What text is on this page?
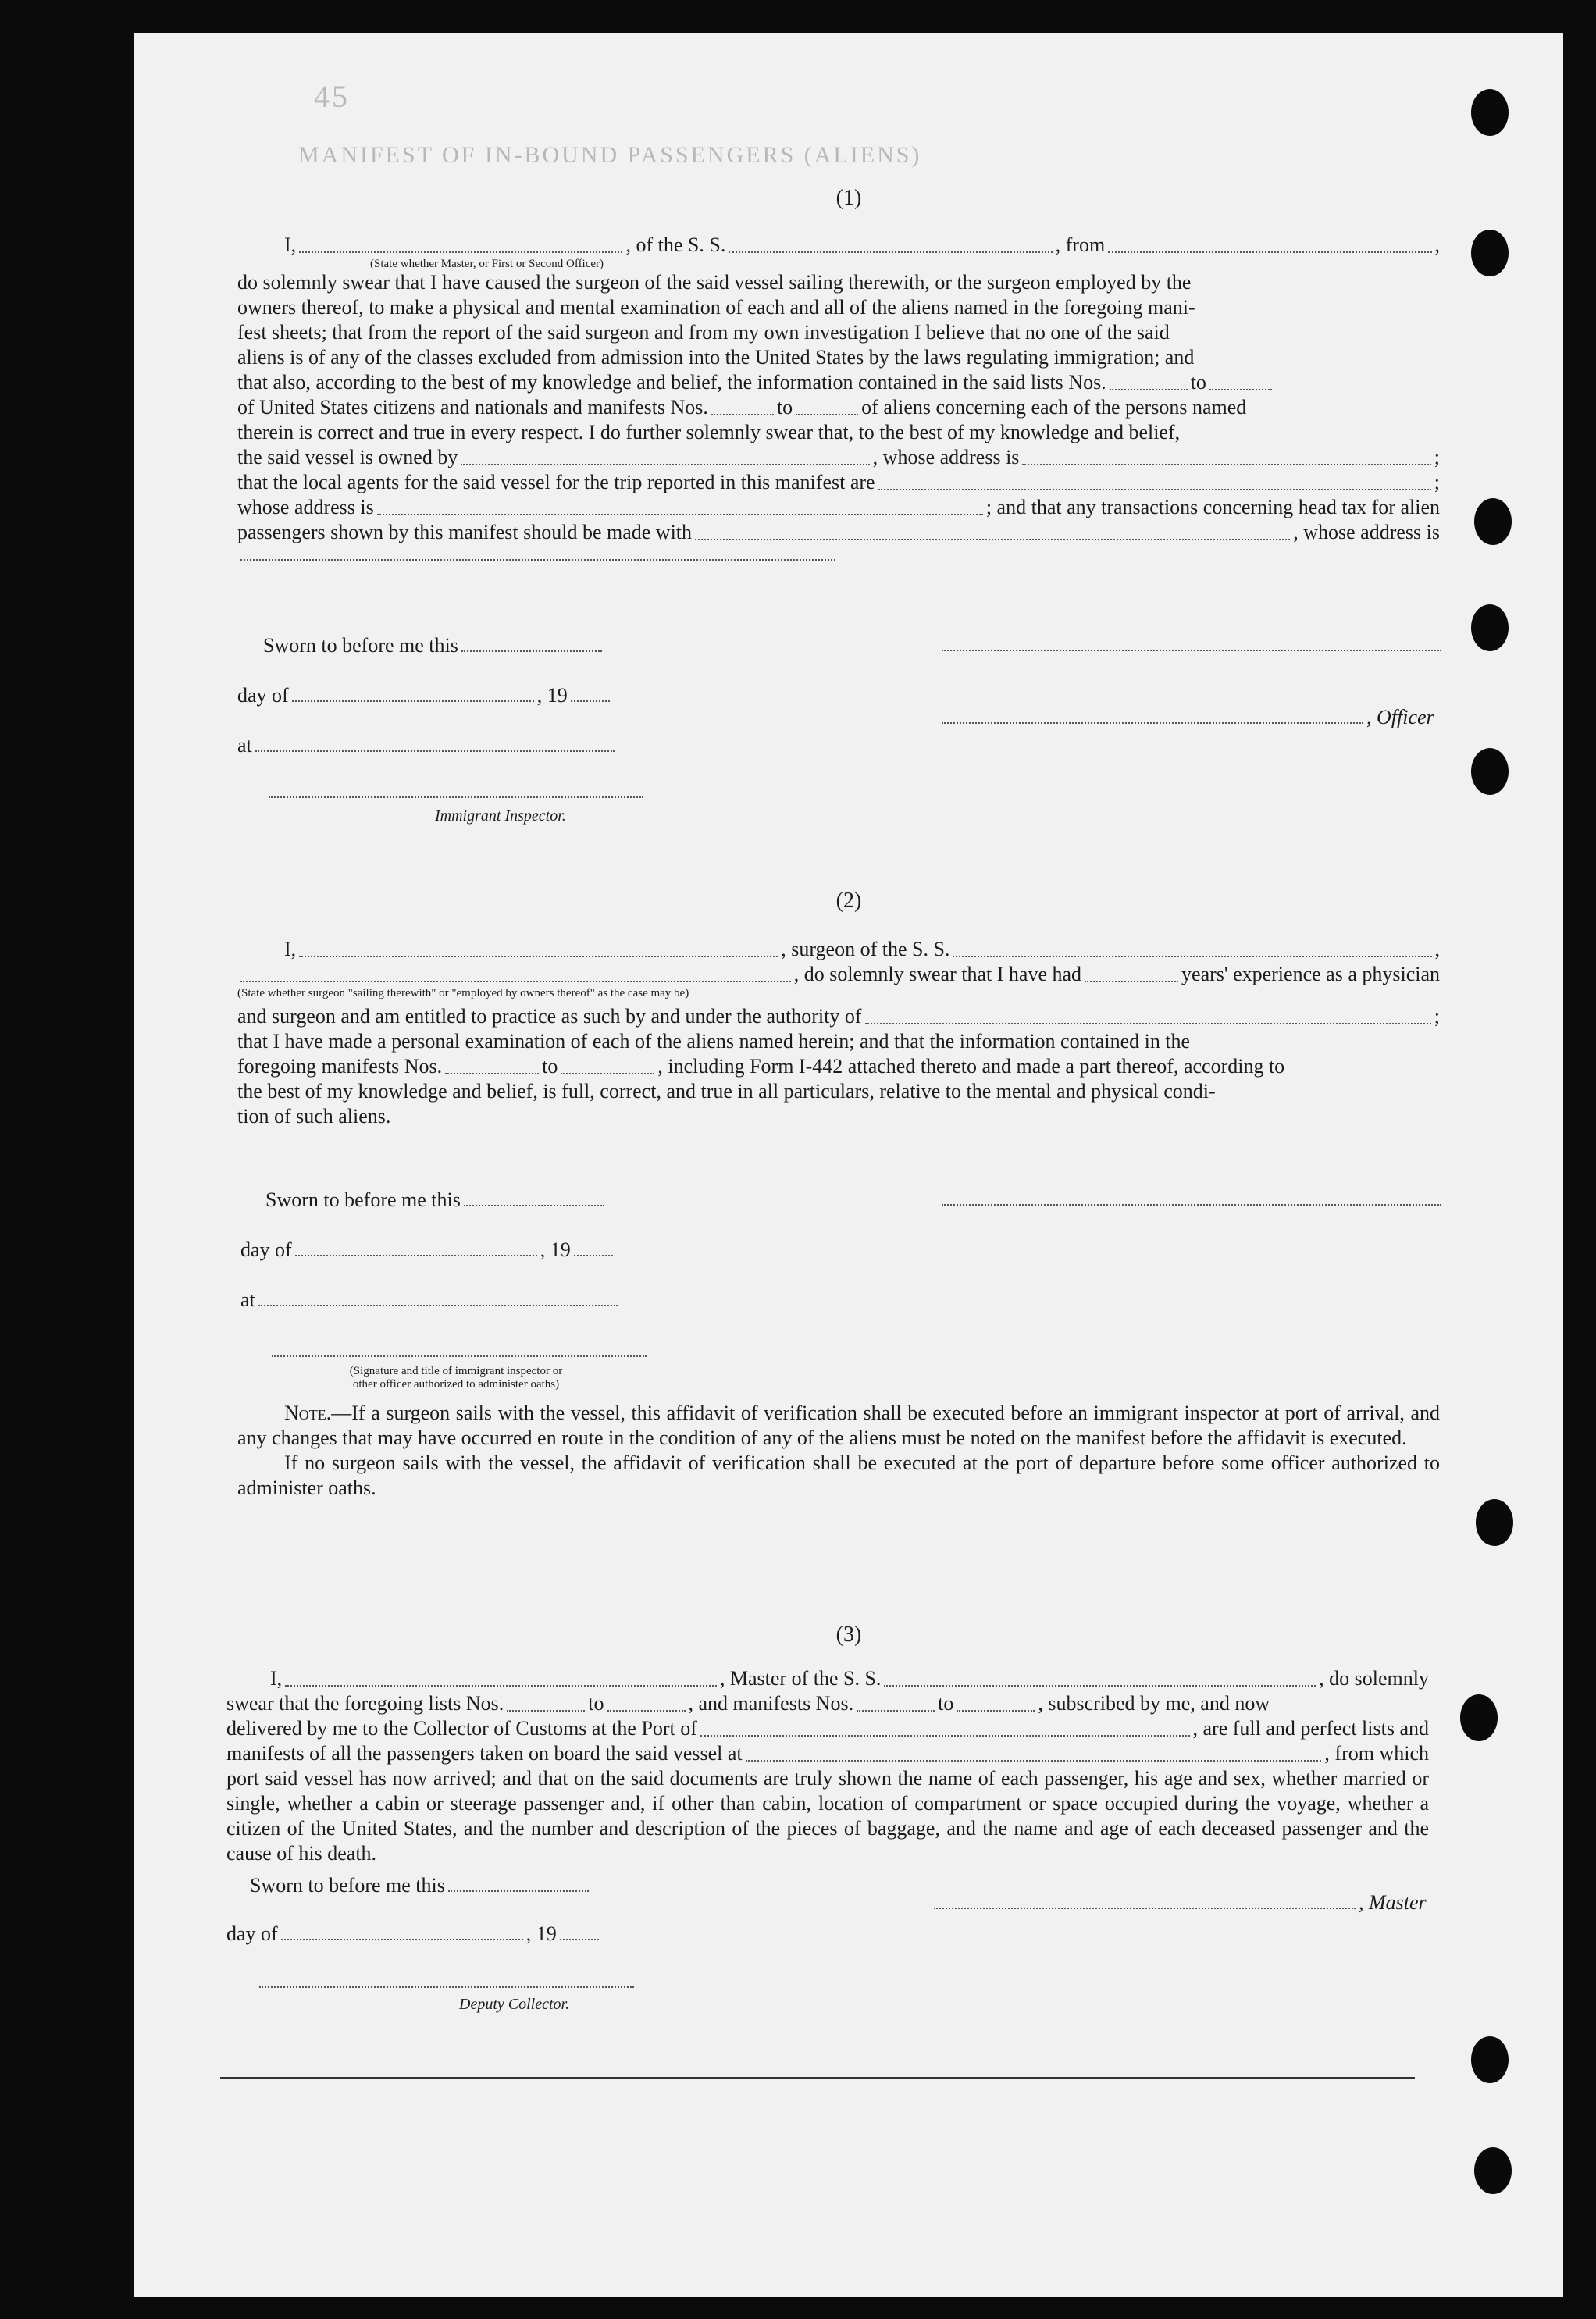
45
MANIFEST OF IN-BOUND PASSENGERS (ALIENS)
(1)
I,	, of the S. S.	, from	,
(State whether Master, or First or Second Officer)
do solemnly swear that I have caused the surgeon of the said vessel sailing therewith, or the surgeon employed by the
owners thereof, to make a physical and mental examination of each and all of the aliens named in the foregoing mani-
fest sheets; that from the report of the said surgeon and from my own investigation I believe that no one of the said
aliens is of any of the classes excluded from admission into the United States by the laws regulating immigration; and
that also, according to the best of my knowledge and belief, the information contained in the said lists Nos.	to
of United States citizens and nationals and manifests Nos.	to	of aliens concerning each of the persons named
therein is correct and true in every respect. I do further solemnly swear that, to the best of my knowledge and belief,
the said vessel is owned by	, whose address is	;
that the local agents for the said vessel for the trip reported in this manifest are	;
whose address is	; and that any transactions concerning head tax for alien
passengers shown by this manifest should be made with	, whose address is
Sworn to before me this
day of	, 19
, Officer
at
Immigrant Inspector.
(2)
I,	, surgeon of the S. S.	,
, do solemnly swear that I have had	years' experience as a physician
(State whether surgeon "sailing therewith" or "employed by owners thereof" as the case may be)
and surgeon and am entitled to practice as such by and under the authority of	;
that I have made a personal examination of each of the aliens named herein; and that the information contained in the
foregoing manifests Nos.	to	, including Form I-442 attached thereto and made a part thereof, according to
the best of my knowledge and belief, is full, correct, and true in all particulars, relative to the mental and physical condi-
tion of such aliens.
Sworn to before me this
day of	, 19
at
(Signature and title of immigrant inspector or
other officer authorized to administer oaths)
Note.—If a surgeon sails with the vessel, this affidavit of verification shall be executed before an immigrant inspector at port of arrival, and any changes that may have occurred en route in the condition of any of the aliens must be noted on the manifest before the affidavit is executed.
If no surgeon sails with the vessel, the affidavit of verification shall be executed at the port of departure before some officer authorized to administer oaths.
(3)
I,	, Master of the S. S.	, do solemnly
swear that the foregoing lists Nos.	to	, and manifests Nos.	to	, subscribed by me, and now
delivered by me to the Collector of Customs at the Port of	, are full and perfect lists and
manifests of all the passengers taken on board the said vessel at	, from which
port said vessel has now arrived; and that on the said documents are truly shown the name of each passenger, his age and sex, whether married or single, whether a cabin or steerage passenger and, if other than cabin, location of compartment or space occupied during the voyage, whether a citizen of the United States, and the number and description of the pieces of baggage, and the name and age of each deceased passenger and the cause of his death.
Sworn to before me this
, Master
day of	, 19
Deputy Collector.
